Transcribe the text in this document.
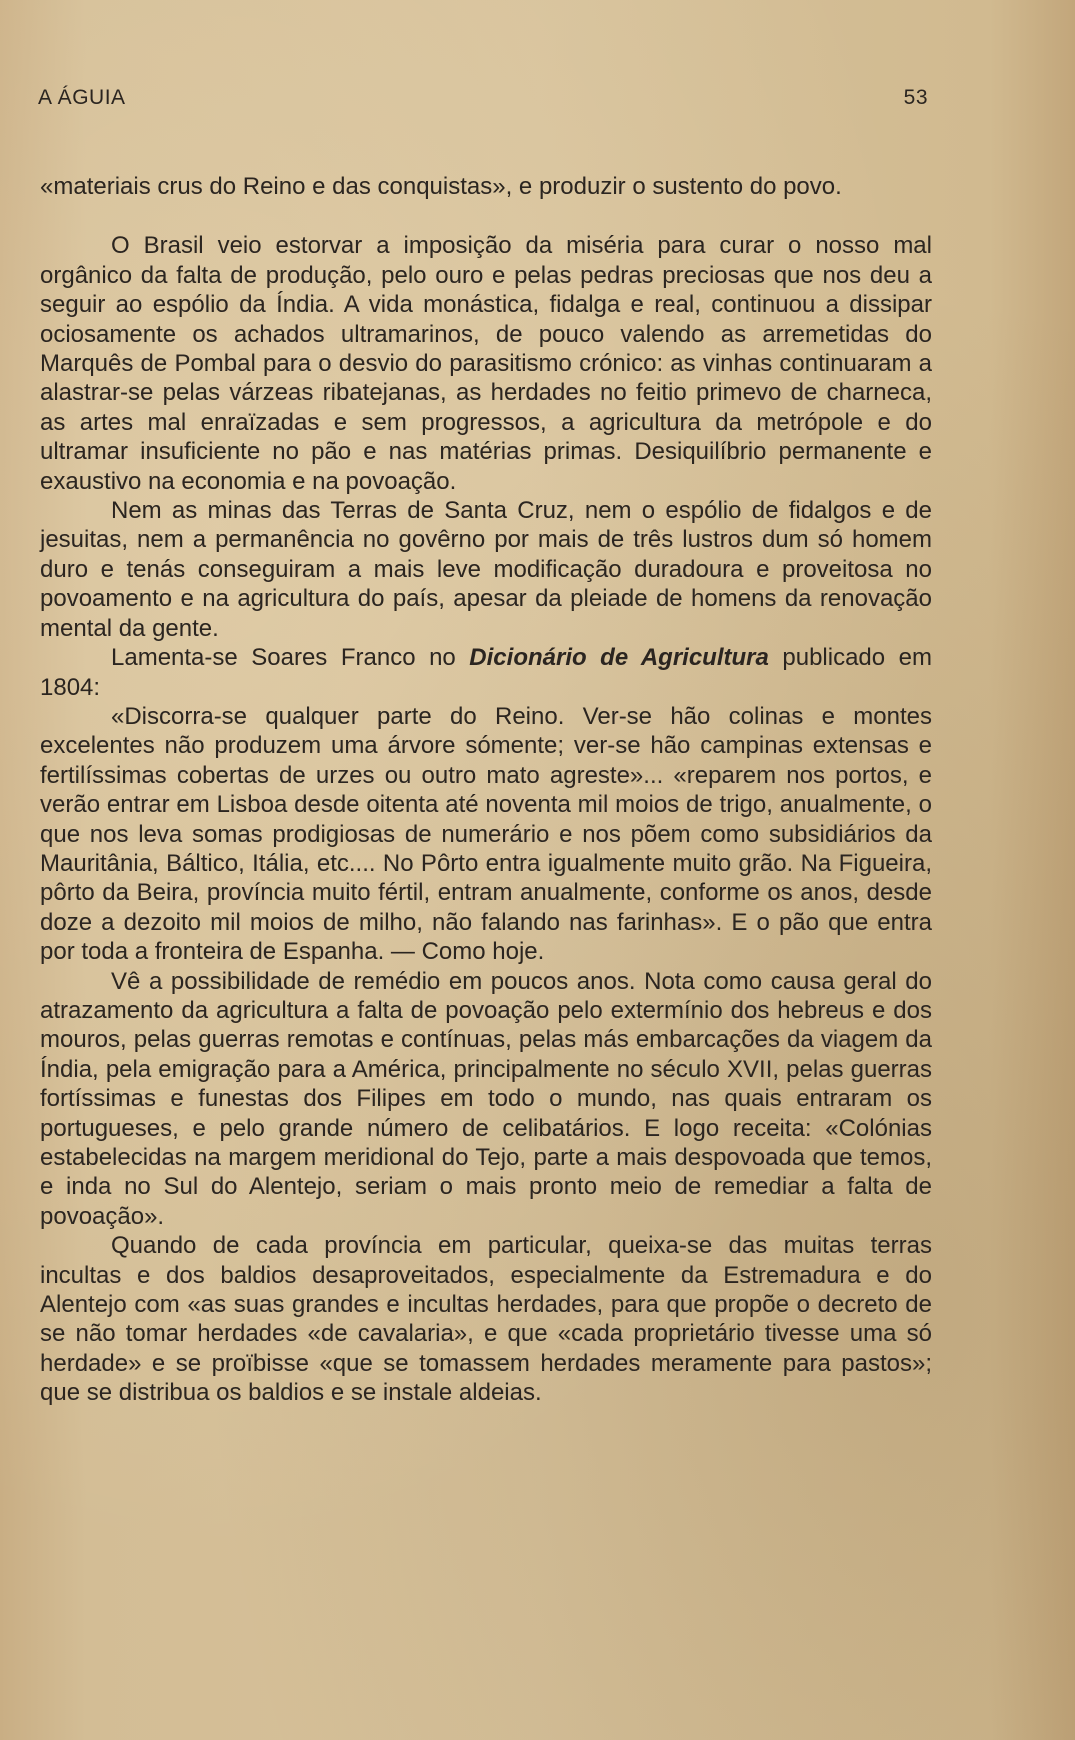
A ÁGUIA	53

«materiais crus do Reino e das conquistas», e produzir o sustento do povo.

O Brasil veio estorvar a imposição da miséria para curar o nosso mal orgânico da falta de produção, pelo ouro e pelas pedras preciosas que nos deu a seguir ao espólio da Índia. A vida monástica, fidalga e real, continuou a dissipar ociosamente os achados ultramarinos, de pouco valendo as arremetidas do Marquês de Pombal para o desvio do parasitismo crónico: as vinhas continuaram a alastrar-se pelas várzeas ribatejanas, as herdades no feitio primevo de charneca, as artes mal enraïzadas e sem progressos, a agricultura da metrópole e do ultramar insuficiente no pão e nas matérias primas. Desiquilíbrio permanente e exaustivo na economia e na povoação.

Nem as minas das Terras de Santa Cruz, nem o espólio de fidalgos e de jesuitas, nem a permanência no govêrno por mais de três lustros dum só homem duro e tenás conseguiram a mais leve modificação duradoura e proveitosa no povoamento e na agricultura do país, apesar da pleiade de homens da renovação mental da gente.

Lamenta-se Soares Franco no Dicionário de Agricultura publicado em 1804:

«Discorra-se qualquer parte do Reino. Ver-se hão colinas e montes excelentes não produzem uma árvore sómente; ver-se hão campinas extensas e fertilíssimas cobertas de urzes ou outro mato agreste»... «reparem nos portos, e verão entrar em Lisboa desde oitenta até noventa mil moios de trigo, anualmente, o que nos leva somas prodigiosas de numerário e nos põem como subsidiários da Mauritânia, Báltico, Itália, etc.... No Pôrto entra igualmente muito grão. Na Figueira, pôrto da Beira, província muito fértil, entram anualmente, conforme os anos, desde doze a dezoito mil moios de milho, não falando nas farinhas». E o pão que entra por toda a fronteira de Espanha. — Como hoje.

Vê a possibilidade de remédio em poucos anos. Nota como causa geral do atrazamento da agricultura a falta de povoação pelo extermínio dos hebreus e dos mouros, pelas guerras remotas e contínuas, pelas más embarcações da viagem da Índia, pela emigração para a América, principalmente no século XVII, pelas guerras fortíssimas e funestas dos Filipes em todo o mundo, nas quais entraram os portugueses, e pelo grande número de celibatários. E logo receita: «Colónias estabelecidas na margem meridional do Tejo, parte a mais despovoada que temos, e inda no Sul do Alentejo, seriam o mais pronto meio de remediar a falta de povoação».

Quando de cada província em particular, queixa-se das muitas terras incultas e dos baldios desaproveitados, especialmente da Estremadura e do Alentejo com «as suas grandes e incultas herdades, para que propõe o decreto de se não tomar herdades «de cavalaria», e que «cada proprietário tivesse uma só herdade» e se proïbisse «que se tomassem herdades meramente para pastos»; que se distribua os baldios e se instale aldeias.
